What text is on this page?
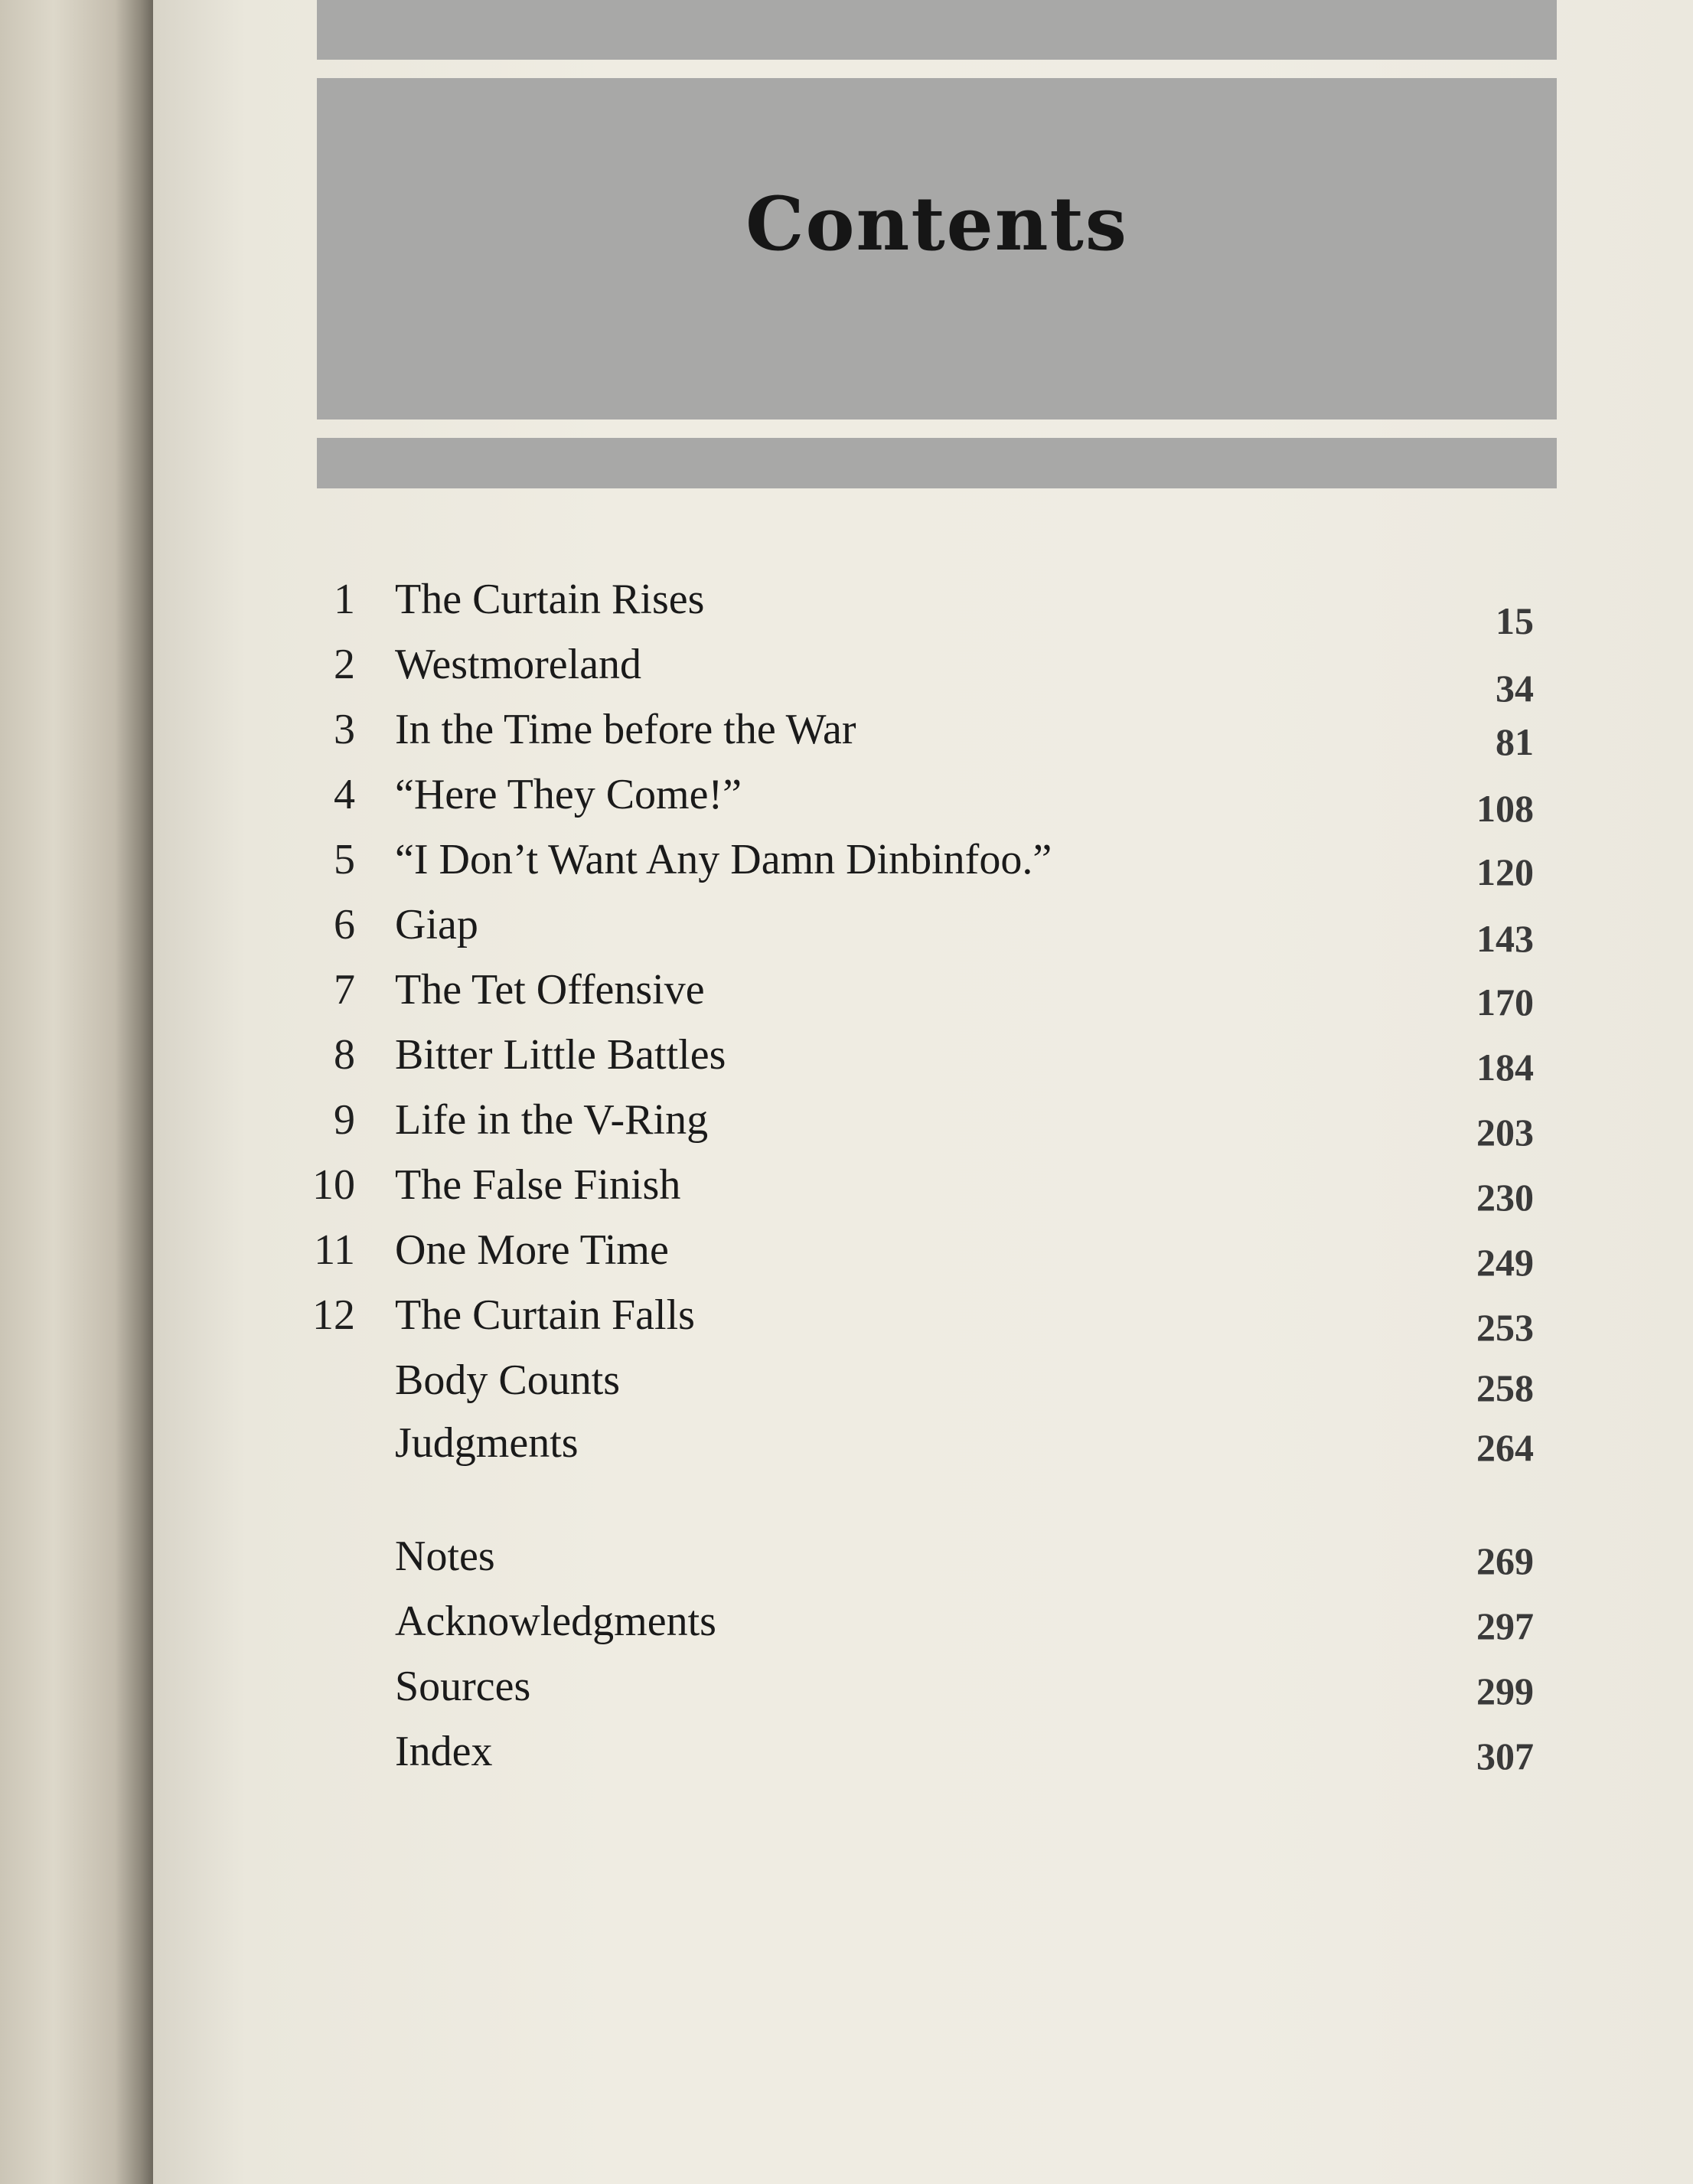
Contents
1 The Curtain Rises	15
2 Westmoreland	34
3 In the Time before the War	81
4 “Here They Come!”	108
5 “I Don’t Want Any Damn Dinbinfoo.”	120
6 Giap	143
7 The Tet Offensive	170
8 Bitter Little Battles	184
9 Life in the V-Ring	203
10 The False Finish	230
11 One More Time	249
12 The Curtain Falls	253
Body Counts	258
Judgments	264
Notes	269
Acknowledgments	297
Sources	299
Index	307
